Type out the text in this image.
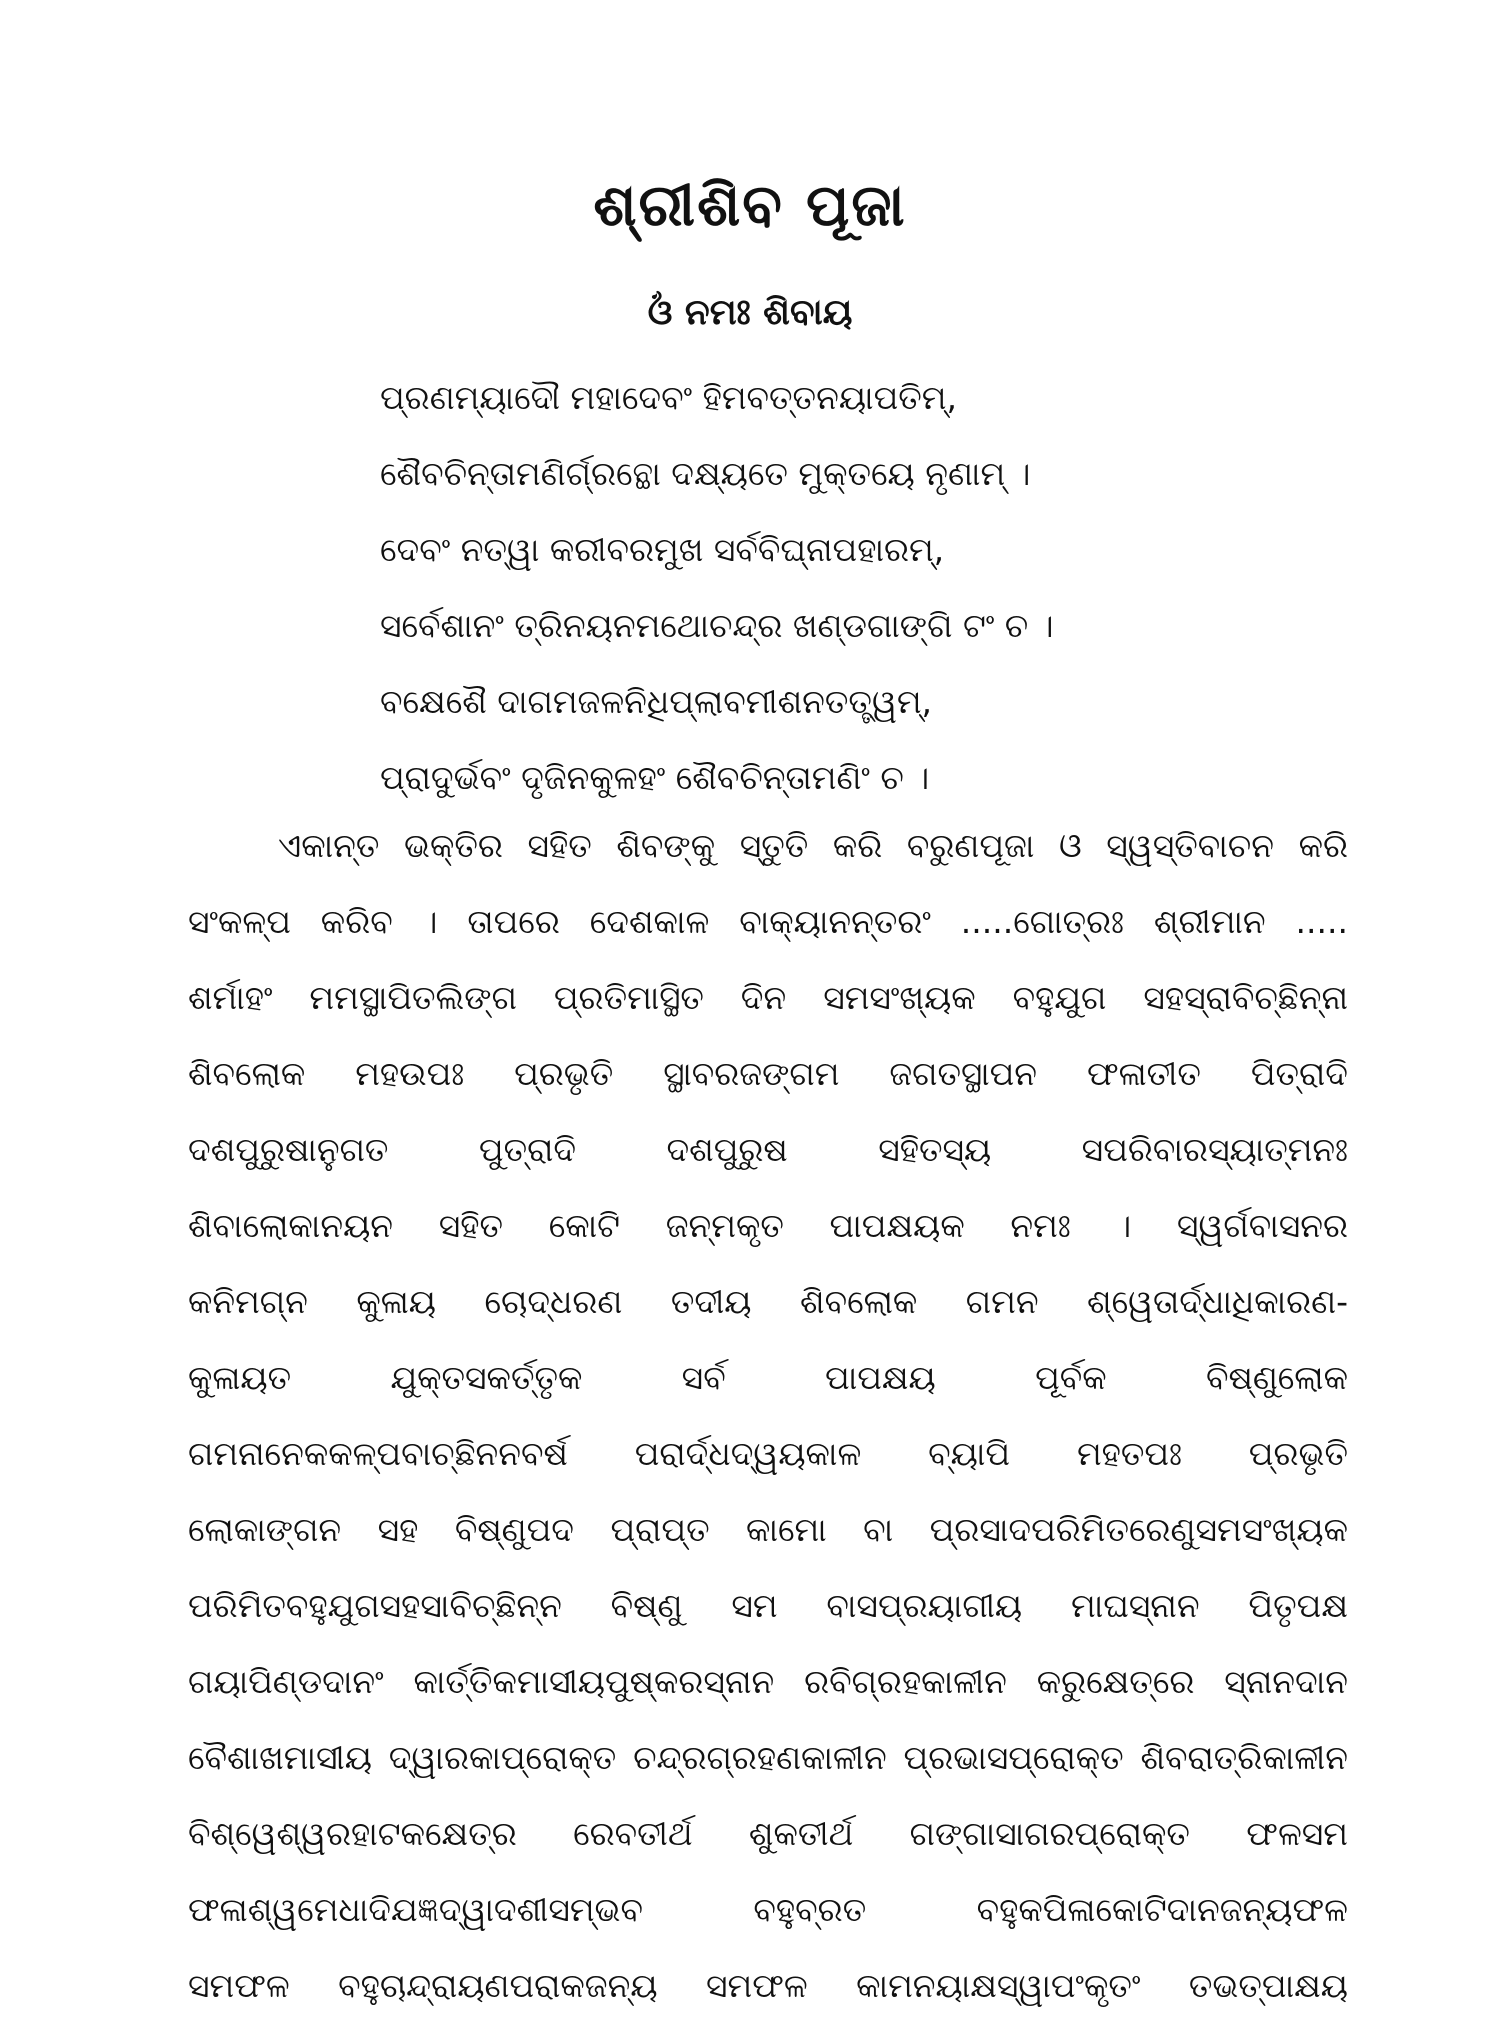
ଶ୍ରୀଶିବ ପୂଜା
ଓଁ ନମଃ ଶିବାୟ
ପ୍ରଣମ୍ୟାଦୌ ମହାଦେବଂ ହିମବତ୍ତନୟାପତିମ୍,
ଶୈବଚିନ୍ତାମଣିର୍ଗ୍ରନ୍ଥୋ ଦକ୍ଷ୍ୟତେ ମୁକ୍ତୟେ ନୃଣାମ୍ ।
ଦେବଂ ନତ୍ୱା କରୀବରମୁଖ ସର୍ବବିଘ୍ନାପହାରମ୍,
ସର୍ବେଶାନଂ ତ୍ରିନୟନମଥୋଚନ୍ଦ୍ର ଖଣ୍ଡଗାଙ୍ଗି ଟଂ ଚ ।
ବକ୍ଷେଶୈ ଦାଗମଜଳନିଧିପ୍ଲାବମୀଶନତତ୍ତ୍ୱମ୍,
ପ୍ରାଦୁର୍ଭବଂ ଦୃଜିନକୁଳହଂ ଶୈବଚିନ୍ତାମଣିଂ ଚ ।
ଏକାନ୍ତ ଭକ୍ତିର ସହିତ ଶିବଙ୍କୁ ସ୍ତୁତି କରି ବରୁଣପୂଜା ଓ ସ୍ୱସ୍ତିବାଚନ କରି
ସଂକଳ୍ପ କରିବ । ତାପରେ ଦେଶକାଳ ବାକ୍ୟାନନ୍ତରଂ .....ଗୋତ୍ରଃ ଶ୍ରୀମାନ .....
ଶର୍ମାହଂ ମମସ୍ଥାପିତଲିଙ୍ଗ ପ୍ରତିମାସ୍ଥିତ ଦିନ ସମସଂଖ୍ୟକ ବହୁଯୁଗ ସହସ୍ରାବିଚ୍ଛିନ୍ନା
ଶିବଲୋକ ମହଉପଃ ପ୍ରଭୃତି ସ୍ଥାବରଜଙ୍ଗମ ଜଗତସ୍ଥାପନ ଫଳାତୀତ ପିତ୍ରାଦି
ଦଶପୁରୁଷାନୁଗତ ପୁତ୍ରାଦି ଦଶପୁରୁଷ ସହିତସ୍ୟ ସପରିବାରସ୍ୟାତ୍ମନଃ
ଶିବାଲୋକାନୟନ ସହିତ କୋଟି ଜନ୍ମକୃତ ପାପକ୍ଷୟକ ନମଃ । ସ୍ୱର୍ଗବାସନର
କନିମଗ୍ନ କୁଳାୟ ଚୋଦ୍ଧରଣ ତଦୀୟ ଶିବଲୋକ ଗମନ ଶ୍ୱେତାର୍ଦ୍ଧାଧିକାରଣ-
କୁଳାୟତ ଯୁକ୍ତସକର୍ତ୍ତୃକ ସର୍ବ ପାପକ୍ଷୟ ପୂର୍ବକ ବିଷ୍ଣୁଲୋକ
ଗମନାନେକକଳ୍ପବାଚ୍ଛିନନବର୍ଷ ପରାର୍ଦ୍ଧଦ୍ୱୟକାଳ ବ୍ୟାପି ମହତପଃ ପ୍ରଭୃତି
ଲୋକାଙ୍ଗନ ସହ ବିଷ୍ଣୁପଦ ପ୍ରାପ୍ତ କାମୋ ବା ପ୍ରସାଦପରିମିତରେଣୁସମସଂଖ୍ୟକ
ପରିମିତବହୁଯୁଗସହସାବିଚ୍ଛିନ୍ନ ବିଷ୍ଣୁ ସମ ବାସପ୍ରୟାଗୀୟ ମାଘସ୍ନାନ ପିତୃପକ୍ଷ
ଗୟାପିଣ୍ଡଦାନଂ କାର୍ତ୍ତିକମାସୀୟପୁଷ୍କରସ୍ନାନ ରବିଗ୍ରହକାଳୀନ କରୁକ୍ଷେତ୍ରେ ସ୍ନାନଦାନ
ବୈଶାଖମାସୀୟ ଦ୍ୱାରକାପ୍ରୋକ୍ତ ଚନ୍ଦ୍ରଗ୍ରହଣକାଳୀନ ପ୍ରଭାସପ୍ରୋକ୍ତ ଶିବରାତ୍ରିକାଳୀନ
ବିଶ୍ୱେଶ୍ୱରହାଟକକ୍ଷେତ୍ର ରେବତୀର୍ଥ ଶୁକତୀର୍ଥ ଗଙ୍ଗାସାଗରପ୍ରୋକ୍ତ ଫଳସମ
ଫଳାଶ୍ୱମେଧାଦିଯଜ୍ଞଦ୍ୱାଦଶୀସମ୍ଭବ ବହୁବ୍ରତ ବହୁକପିଳାକୋଟିଦାନଜନ୍ୟଫଳ
ସମଫଳ ବହୁଚାନ୍ଦ୍ରାୟଣପରାକଜନ୍ୟ ସମଫଳ କାମନୟାକ୍ଷସ୍ୱାପଂକୃତଂ ତଭତ୍ପାକ୍ଷୟ
